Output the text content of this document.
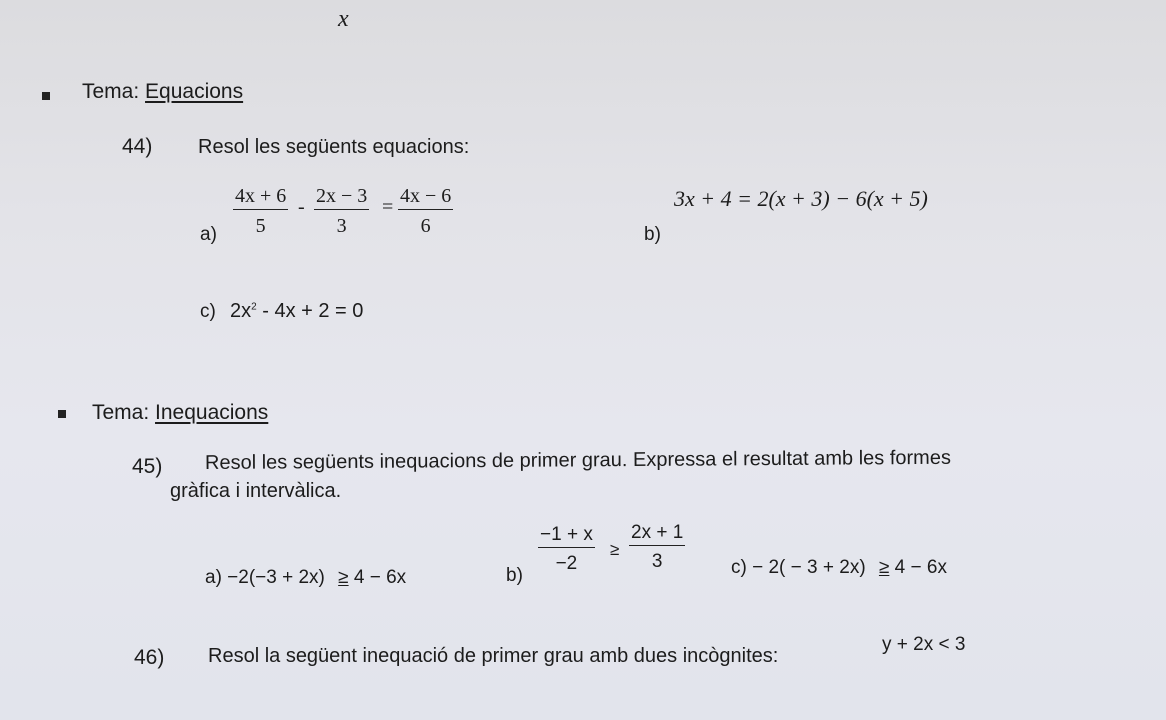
x
Tema: Equacions
44) Resol les següents equacions:
$a) \frac{4x + 6}{5} - \frac{2x - 3}{3} = \frac{4x - 6}{6}$	b)
3x + 4 = 2(x + 3) − 6(x + 5)
c) $2x^2 - 4x + 2 = 0$
Tema: Inequacions
45) Resol les següents inequacions de primer grau. Expressa el resultat amb les formes
gràfica i intervàlica.
a) −2(−3 + 2x) ≥ 4 − 6x	b)
$\frac{-1 + x}{-2} \ge \frac{2x + 1}{3} c) - 2( - 3 + 2x) \ge 4 - 6x$
46) Resol la següent inequació de primer grau amb dues incògnites:
y + 2x < 3
